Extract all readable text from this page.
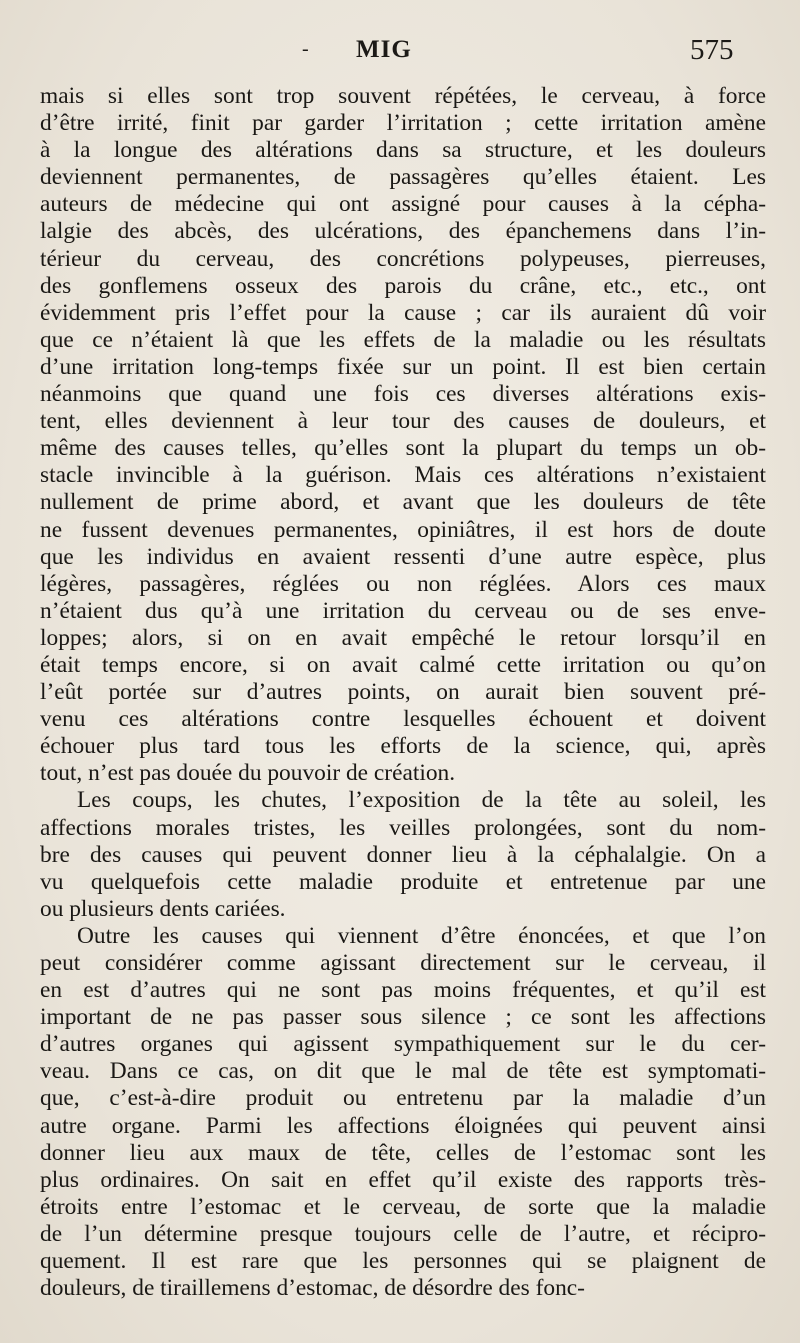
- MIG	575
mais si elles sont trop souvent répétées, le cerveau, à force
d’être irrité, finit par garder l’irritation ; cette irritation amène
à la longue des altérations dans sa structure, et les douleurs
deviennent permanentes, de passagères qu’elles étaient. Les
auteurs de médecine qui ont assigné pour causes à la cépha-
lalgie des abcès, des ulcérations, des épanchemens dans l’in-
térieur du cerveau, des concrétions polypeuses, pierreuses,
des gonflemens osseux des parois du crâne, etc., etc., ont
évidemment pris l’effet pour la cause ; car ils auraient dû voir
que ce n’étaient là que les effets de la maladie ou les résultats
d’une irritation long-temps fixée sur un point. Il est bien certain
néanmoins que quand une fois ces diverses altérations exis-
tent, elles deviennent à leur tour des causes de douleurs, et
même des causes telles, qu’elles sont la plupart du temps un ob-
stacle invincible à la guérison. Mais ces altérations n’existaient
nullement de prime abord, et avant que les douleurs de tête
ne fussent devenues permanentes, opiniâtres, il est hors de doute
que les individus en avaient ressenti d’une autre espèce, plus
légères, passagères, réglées ou non réglées. Alors ces maux
n’étaient dus qu’à une irritation du cerveau ou de ses enve-
loppes; alors, si on en avait empêché le retour lorsqu’il en
était temps encore, si on avait calmé cette irritation ou qu’on
l’eût portée sur d’autres points, on aurait bien souvent pré-
venu ces altérations contre lesquelles échouent et doivent
échouer plus tard tous les efforts de la science, qui, après
tout, n’est pas douée du pouvoir de création.
Les coups, les chutes, l’exposition de la tête au soleil, les
affections morales tristes, les veilles prolongées, sont du nom-
bre des causes qui peuvent donner lieu à la céphalalgie. On a
vu quelquefois cette maladie produite et entretenue par une
ou plusieurs dents cariées.
Outre les causes qui viennent d’être énoncées, et que l’on
peut considérer comme agissant directement sur le cerveau, il
en est d’autres qui ne sont pas moins fréquentes, et qu’il est
important de ne pas passer sous silence ; ce sont les affections
d’autres organes qui agissent sympathiquement sur le du cer-
veau. Dans ce cas, on dit que le mal de tête est symptomati-
que, c’est-à-dire produit ou entretenu par la maladie d’un
autre organe. Parmi les affections éloignées qui peuvent ainsi
donner lieu aux maux de tête, celles de l’estomac sont les
plus ordinaires. On sait en effet qu’il existe des rapports très-
étroits entre l’estomac et le cerveau, de sorte que la maladie
de l’un détermine presque toujours celle de l’autre, et récipro-
quement. Il est rare que les personnes qui se plaignent de
douleurs, de tiraillemens d’estomac, de désordre des fonc-
